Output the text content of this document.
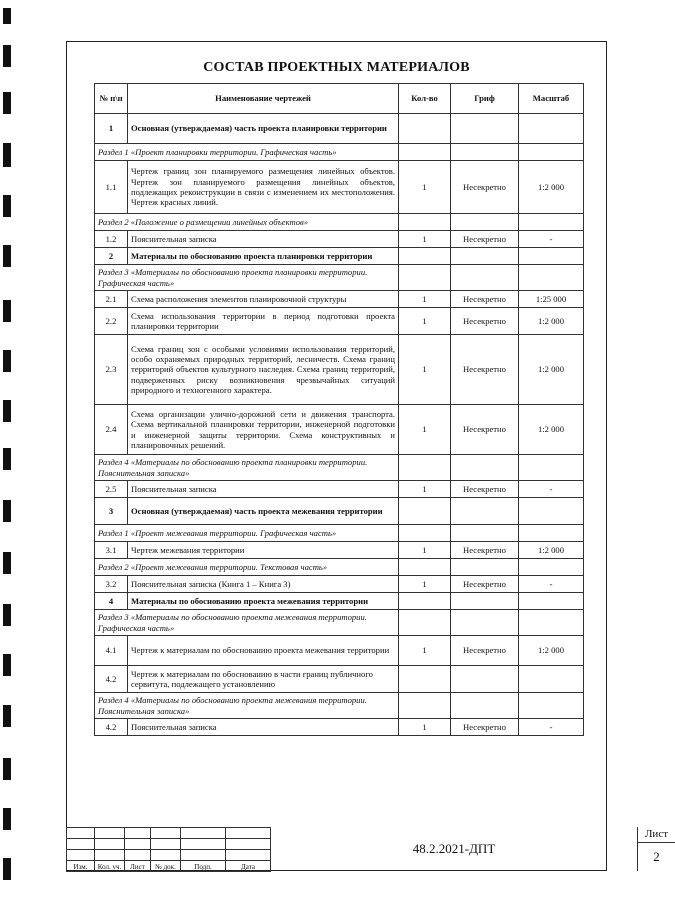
СОСТАВ ПРОЕКТНЫХ МАТЕРИАЛОВ
№ п\п	Наименование чертежей	Кол-во	Гриф	Масштаб
1	Основная (утверждаемая) часть проекта планировки территории			
Раздел 1 «Проект планировки территории. Графическая часть»				
1.1	Чертеж границ зон планируемого размещения линейных объектов. Чертеж зон планируемого размещения линейных объектов, подлежащих реконструкции в связи с изменением их местоположения. Чертеж красных линий.	1	Несекретно	1:2 000
Раздел 2 «Положение о размещении линейных объектов»				
1.2	Пояснительная записка	1	Несекретно	-
2	Материалы по обоснованию проекта планировки территории			
Раздел 3 «Материалы по обоснованию проекта планировки территории. Графическая часть»				
2.1	Схема расположения элементов планировочной структуры	1	Несекретно	1:25 000
2.2	Схема использования территории в период подготовки проекта планировки территории	1	Несекретно	1:2 000
2.3	Схема границ зон с особыми условиями использования территорий, особо охраняемых природных территорий, лесничеств. Схема границ территорий объектов культурного наследия. Схема границ территорий, подверженных риску возникновения чрезвычайных ситуаций природного и техногенного характера.	1	Несекретно	1:2 000
2.4	Схема организации улично-дорожной сети и движения транспорта. Схема вертикальной планировки территории, инженерной подготовки и инженерной защиты территории. Схема конструктивных и планировочных решений.	1	Несекретно	1:2 000
Раздел 4 «Материалы по обоснованию проекта планировки территории. Пояснительная записка»				
2.5	Пояснительная записка	1	Несекретно	-
3	Основная (утверждаемая) часть проекта межевания территории			
Раздел 1 «Проект межевания территории. Графическая часть»				
3.1	Чертеж межевания территории	1	Несекретно	1:2 000
Раздел 2 «Проект межевания территории. Текстовая часть»				
3.2	Пояснительная записка (Книга 1 – Книга 3)	1	Несекретно	-
4	Материалы по обоснованию проекта межевания территории			
Раздел 3 «Материалы по обоснованию проекта межевания территории. Графическая часть»				
4.1	Чертеж к материалам по обоснованию проекта межевания территории	1	Несекретно	1:2 000
4.2	Чертеж к материалам по обоснованию в части границ публичного сервитута, подлежащего установлению			
Раздел 4 «Материалы по обоснованию проекта межевания территории. Пояснительная записка»				
4.2	Пояснительная записка	1	Несекретно	-

Изм.	Кол. уч.	Лист	№ док.	Подп.	Дата
48.2.2021-ДПТ
Лист
2
